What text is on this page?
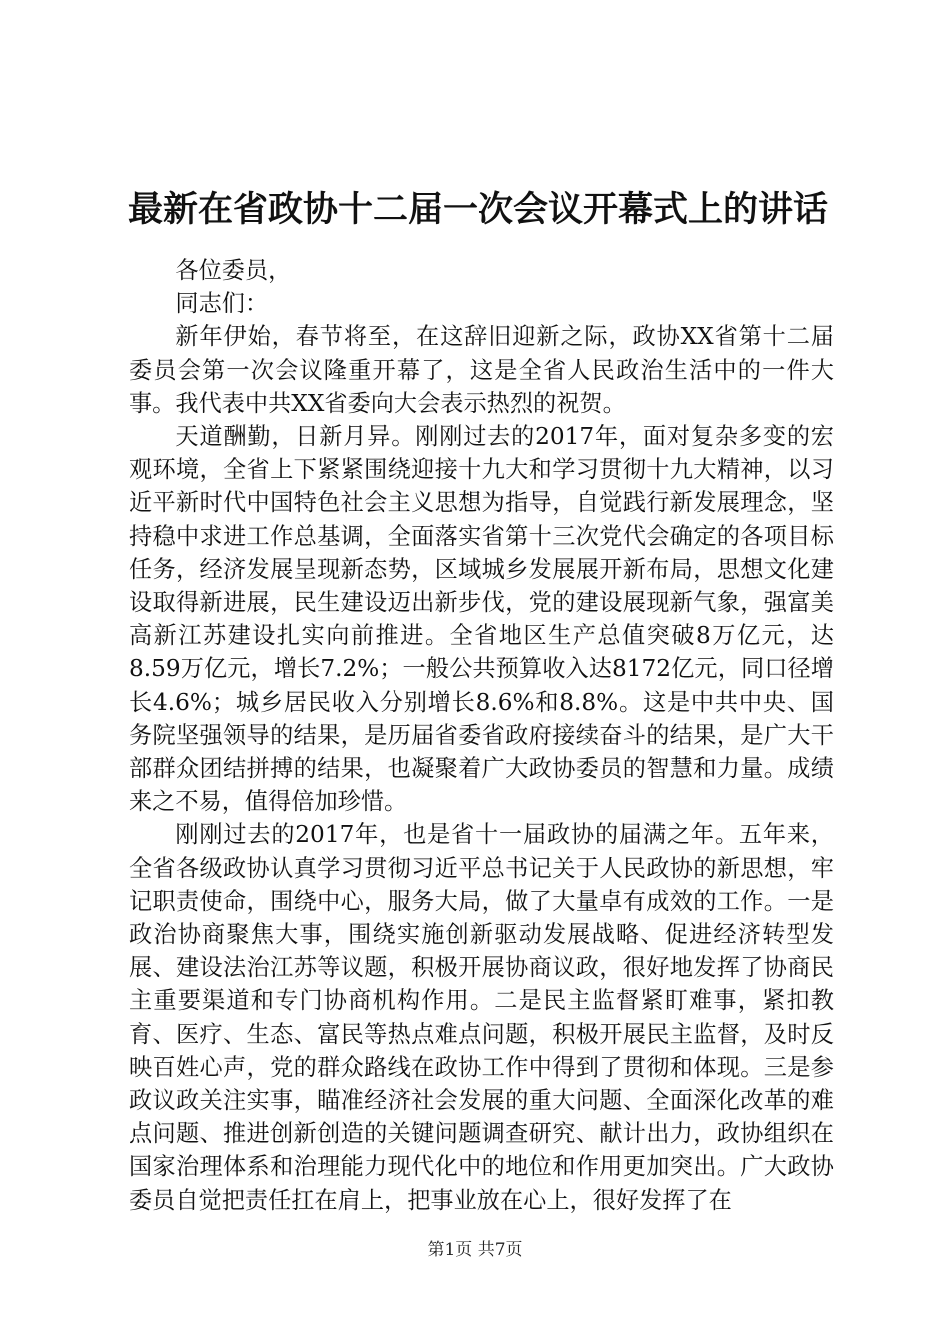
最新在省政协十二届一次会议开幕式上的讲话

各位委员，

同志们：

新年伊始，春节将至，在这辞旧迎新之际，政协XX省第十二届委员会第一次会议隆重开幕了，这是全省人民政治生活中的一件大事。我代表中共XX省委向大会表示热烈的祝贺。

天道酬勤，日新月异。刚刚过去的2017年，面对复杂多变的宏观环境，全省上下紧紧围绕迎接十九大和学习贯彻十九大精神，以习近平新时代中国特色社会主义思想为指导，自觉践行新发展理念，坚持稳中求进工作总基调，全面落实省第十三次党代会确定的各项目标任务，经济发展呈现新态势，区域城乡发展展开新布局，思想文化建设取得新进展，民生建设迈出新步伐，党的建设展现新气象，强富美高新江苏建设扎实向前推进。全省地区生产总值突破8万亿元，达8.59万亿元，增长7.2%；一般公共预算收入达8172亿元，同口径增长4.6%；城乡居民收入分别增长8.6%和8.8%。这是中共中央、国务院坚强领导的结果，是历届省委省政府接续奋斗的结果，是广大干部群众团结拼搏的结果，也凝聚着广大政协委员的智慧和力量。成绩来之不易，值得倍加珍惜。

刚刚过去的2017年，也是省十一届政协的届满之年。五年来，全省各级政协认真学习贯彻习近平总书记关于人民政协的新思想，牢记职责使命，围绕中心，服务大局，做了大量卓有成效的工作。一是政治协商聚焦大事，围绕实施创新驱动发展战略、促进经济转型发展、建设法治江苏等议题，积极开展协商议政，很好地发挥了协商民主重要渠道和专门协商机构作用。二是民主监督紧盯难事，紧扣教育、医疗、生态、富民等热点难点问题，积极开展民主监督，及时反映百姓心声，党的群众路线在政协工作中得到了贯彻和体现。三是参政议政关注实事，瞄准经济社会发展的重大问题、全面深化改革的难点问题、推进创新创造的关键问题调查研究、献计出力，政协组织在国家治理体系和治理能力现代化中的地位和作用更加突出。广大政协委员自觉把责任扛在肩上，把事业放在心上，很好发挥了在

第1页 共7页
